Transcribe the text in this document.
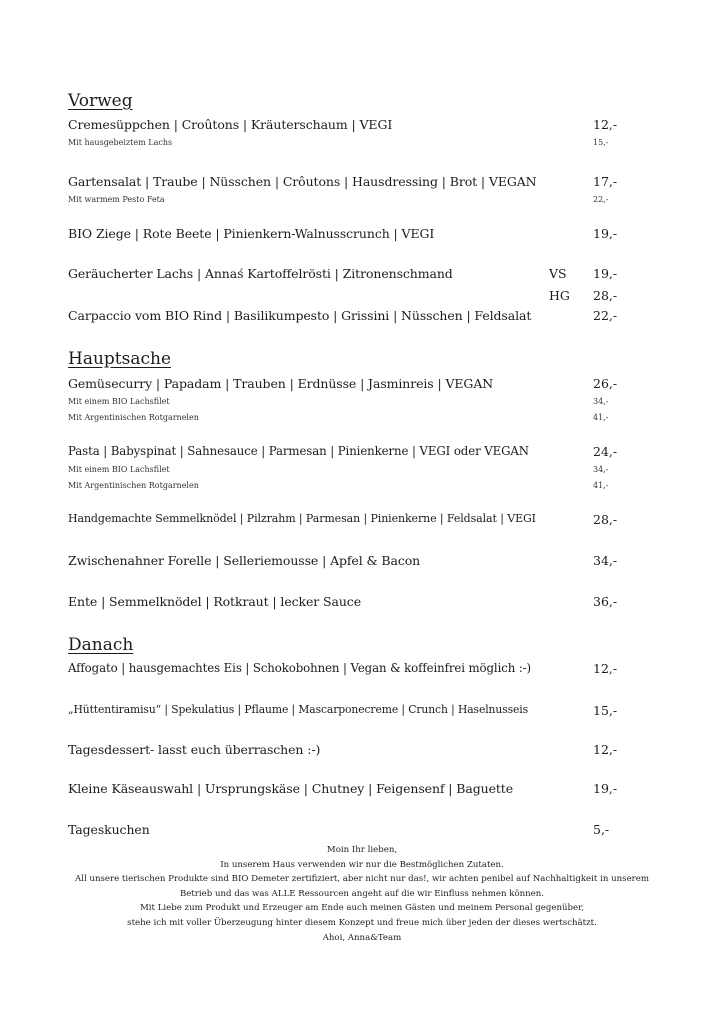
Vorweg
Cremesüppchen | Croûtons | Kräuterschaum | VEGI	12,-
Mit hausgebeiztem Lachs	15,-
Gartensalat | Traube | Nüsschen | Crôutons | Hausdressing | Brot | VEGAN	17,-
Mit warmem Pesto Feta	22,-
BIO Ziege | Rote Beete | Pinienkern-Walnusscrunch | VEGI	19,-
Geräucherter Lachs | Annaś Kartoffelrösti | Zitronenschmand	VS 19,-
HG 28,-
Carpaccio vom BIO Rind | Basilikumpesto | Grissini | Nüsschen | Feldsalat	22,-
Hauptsache
Gemüsecurry | Papadam | Trauben | Erdnüsse | Jasminreis | VEGAN	26,-
Mit einem BIO Lachsfilet	34,-
Mit Argentinischen Rotgarnelen	41,-
Pasta | Babyspinat | Sahnesauce | Parmesan | Pinienkerne | VEGI oder VEGAN	24,-
Mit einem BIO Lachsfilet	34,-
Mit Argentinischen Rotgarnelen	41,-
Handgemachte Semmelknödel | Pilzrahm | Parmesan | Pinienkerne | Feldsalat | VEGI	28,-
Zwischenahner Forelle | Selleriemousse | Apfel & Bacon	34,-
Ente | Semmelknödel | Rotkraut | lecker Sauce	36,-
Danach
Affogato | hausgemachtes Eis | Schokobohnen | Vegan & koffeinfrei möglich :-)	12,-
„Hüttentiramisu“ | Spekulatius | Pflaume | Mascarponecreme | Crunch | Haselnusseis	15,-
Tagesdessert- lasst euch überraschen :-)	12,-
Kleine Käseauswahl | Ursprungskäse | Chutney | Feigensenf | Baguette	19,-
Tageskuchen	5,-
Moin Ihr lieben,
In unserem Haus verwenden wir nur die Bestmöglichen Zutaten.
All unsere tierischen Produkte sind BIO Demeter zertifiziert, aber nicht nur das!, wir achten penibel auf Nachhaltigkeit in unserem
Betrieb und das was ALLE Ressourcen angeht auf die wir Einfluss nehmen können.
Mit Liebe zum Produkt und Erzeuger am Ende auch meinen Gästen und meinem Personal gegenüber,
stehe ich mit voller Überzeugung hinter diesem Konzept und freue mich über jeden der dieses wertschätzt.
Ahoi, Anna&Team
